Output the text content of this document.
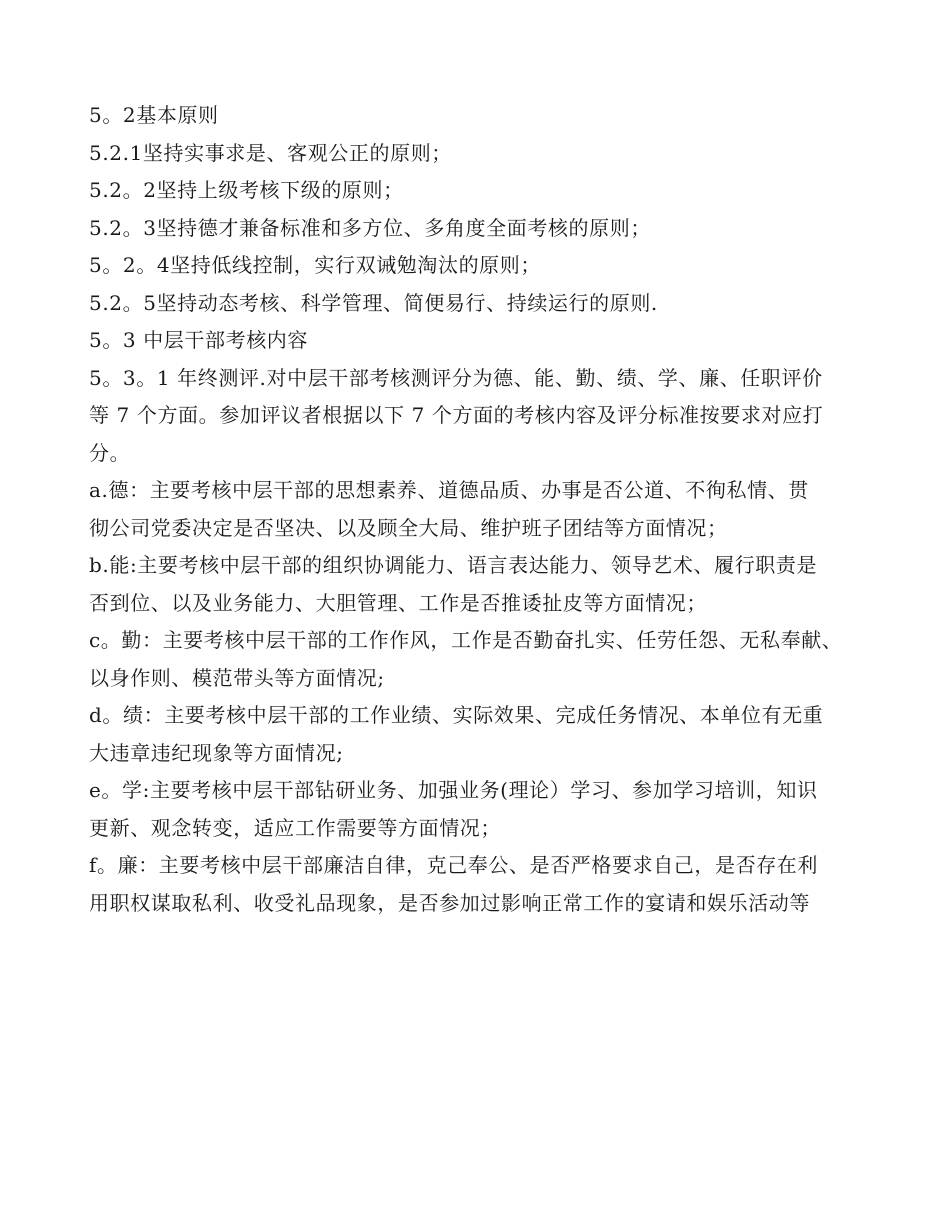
5。2基本原则
5.2.1坚持实事求是、客观公正的原则；
5.2。2坚持上级考核下级的原则；
5.2。3坚持德才兼备标准和多方位、多角度全面考核的原则；
5。2。4坚持低线控制，实行双诫勉淘汰的原则；
5.2。5坚持动态考核、科学管理、简便易行、持续运行的原则.
5。3 中层干部考核内容
5。3。1 年终测评.对中层干部考核测评分为德、能、勤、绩、学、廉、任职评价
等 7 个方面。参加评议者根据以下 7 个方面的考核内容及评分标准按要求对应打
分。
a.德：主要考核中层干部的思想素养、道德品质、办事是否公道、不徇私情、贯
彻公司党委决定是否坚决、以及顾全大局、维护班子团结等方面情况；
b.能:主要考核中层干部的组织协调能力、语言表达能力、领导艺术、履行职责是
否到位、以及业务能力、大胆管理、工作是否推诿扯皮等方面情况；
c。勤：主要考核中层干部的工作作风，工作是否勤奋扎实、任劳任怨、无私奉献、
以身作则、模范带头等方面情况;
d。绩：主要考核中层干部的工作业绩、实际效果、完成任务情况、本单位有无重
大违章违纪现象等方面情况;
e。学:主要考核中层干部钻研业务、加强业务(理论）学习、参加学习培训，知识
更新、观念转变，适应工作需要等方面情况；
f。廉：主要考核中层干部廉洁自律，克己奉公、是否严格要求自己，是否存在利
用职权谋取私利、收受礼品现象，是否参加过影响正常工作的宴请和娱乐活动等
